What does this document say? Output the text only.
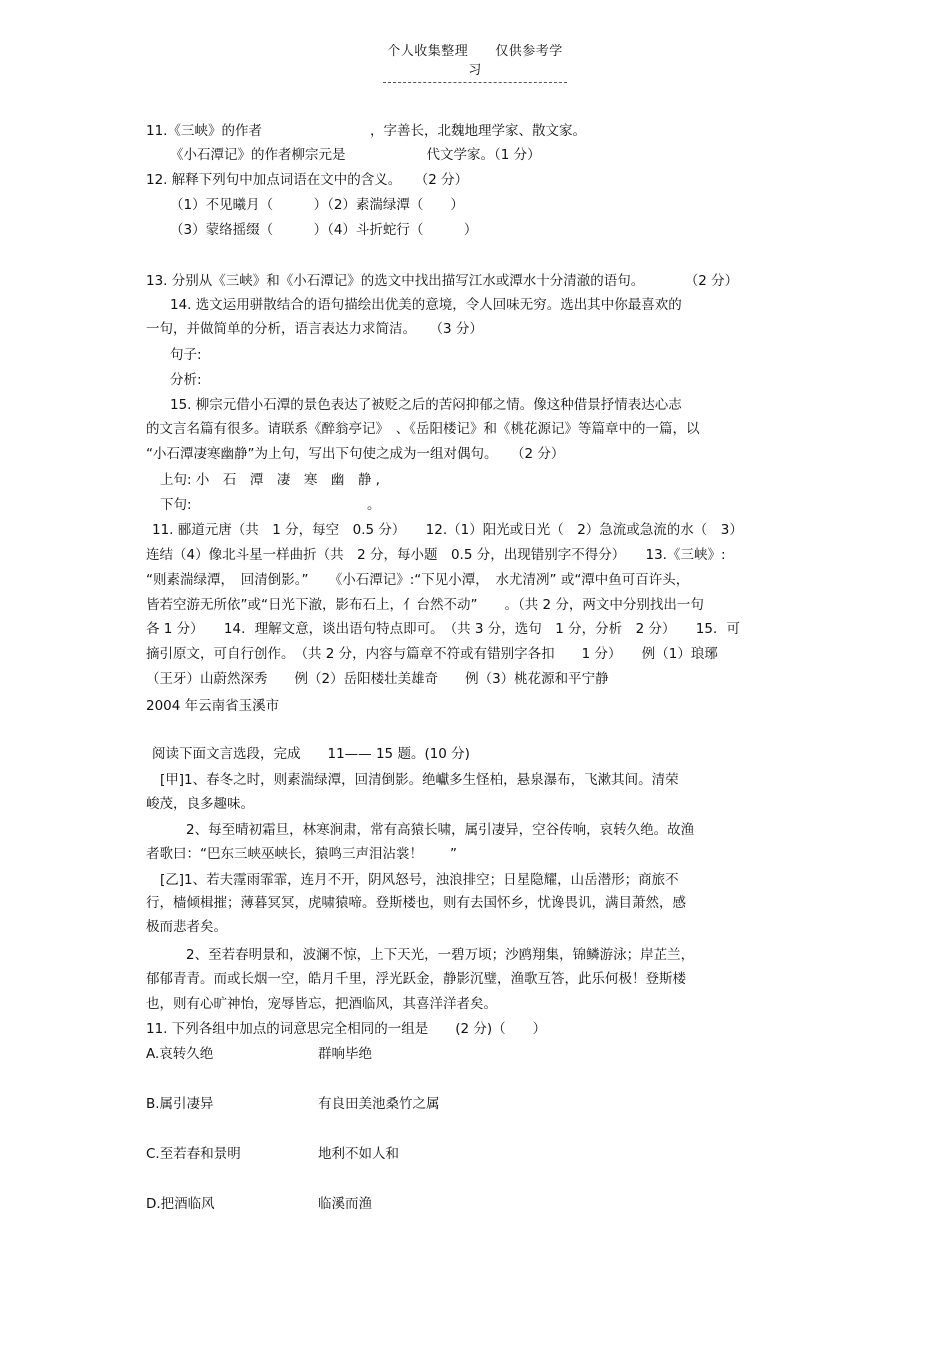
个人收集整理　　仅供参考学习
11.《三峡》的作者　　　　　　　　，字善长，北魏地理学家、散文家。
《小石潭记》的作者柳宗元是　　　　　　代文学家。（1 分）
12. 解释下列句中加点词语在文中的含义。　　（2 分）
（1）不见曦月（　　　）（2）素湍绿潭（　　）
（3）蒙络摇缀（　　　）（4）斗折蛇行（　　　）
13. 分别从《三峡》和《小石潭记》的选文中找出描写江水或潭水十分清澈的语句。　　　　（2 分）
14. 选文运用骈散结合的语句描绘出优美的意境，令人回味无穷。选出其中你最喜欢的
一句，并做简单的分析，语言表达力求简洁。　　（3 分）
句子:
分析:
15. 柳宗元借小石潭的景色表达了被贬之后的苦闷抑郁之情。像这种借景抒情表达心志
的文言名篇有很多。请联系《醉翁亭记》　、《岳阳楼记》和《桃花源记》等篇章中的一篇，以
“小石潭凄寒幽静”为上句，写出下句使之成为一组对偶句。　　（2 分）
上句: 小　石　潭　凄　寒　幽　静 ,
下句:　　　　　　　　　　　　　。
11. 郦道元唐（共　1 分，每空　0.5 分）　　12.（1）阳光或日光（　2）急流或急流的水（　3）
连结（4）像北斗星一样曲折（共　2 分，每小题　0.5 分，出现错别字不得分）　　13.《三峡》:
“则素湍绿潭，　回清倒影。”　　《小石潭记》:“下见小潭，　水尤清冽” 或“潭中鱼可百许头，
皆若空游无所依”或“日光下澈，影布石上，亻台然不动”　　。（共 2 分，两文中分别找出一句
各 1 分）　　14．理解文意，谈出语句特点即可。　（共 3 分，选句　1 分，分析　2 分）　　15．可
摘引原文，可自行创作。　（共 2 分，内容与篇章不符或有错别字各扣　　1 分）　　例（1）琅琊
（王牙）山蔚然深秀　　例（2）岳阳楼壮美雄奇　　例（3）桃花源和平宁静
2004 年云南省玉溪市
阅读下面文言选段，完成　　11—— 15 题。(10 分)
[甲]1、春冬之时，则素湍绿潭，回清倒影。绝巘多生怪柏，悬泉瀑布，飞漱其间。清荣
峻茂，良多趣味。
2、每至晴初霜旦，林寒涧肃，常有高猿长啸，属引凄异，空谷传响，哀转久绝。故渔
者歌曰：“巴东三峡巫峡长，猿鸣三声泪沾裳！　　”
[乙]1、若夫霪雨霏霏，连月不开，阴风怒号，浊浪排空；日星隐耀，山岳潜形；商旅不
行，樯倾楫摧；薄暮冥冥，虎啸猿啼。登斯楼也，则有去国怀乡，忧谗畏讥，满目萧然，感
极而悲者矣。
2、至若春明景和，波澜不惊，上下天光，一碧万顷；沙鸥翔集，锦鳞游泳；岸芷兰，
郁郁青青。而或长烟一空，皓月千里，浮光跃金，静影沉璧，渔歌互答，此乐何极！登斯楼
也，则有心旷神怡，宠辱皆忘，把酒临风，其喜洋洋者矣。
11. 下列各组中加点的词意思完全相同的一组是　　(2 分)（　　）
A.哀转久绝	群响毕绝
B.属引凄异	有良田美池桑竹之属
C.至若春和景明	地利不如人和
D.把酒临风	临溪而渔
